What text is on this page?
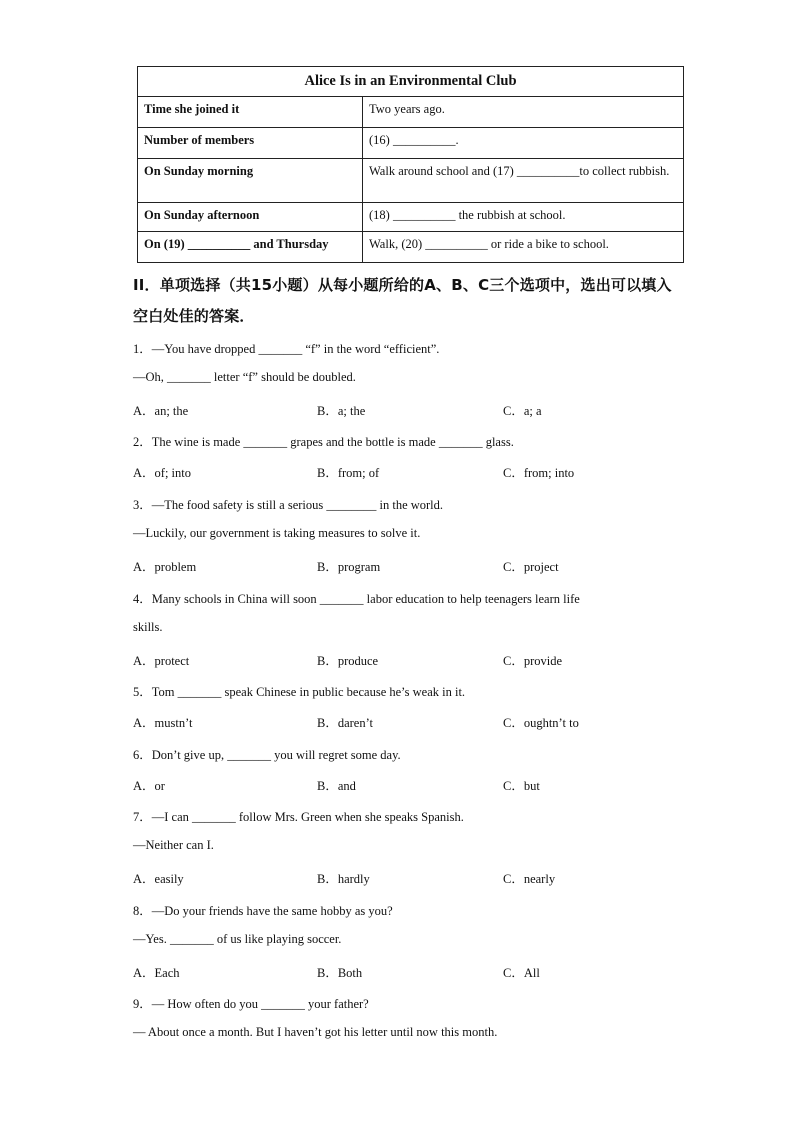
Alice Is in an Environmental Club	
Time she joined it	Two years ago.
Number of members	(16) __________.
On Sunday morning	Walk around school and (17) __________to collect rubbish.
On Sunday afternoon	(18) __________ the rubbish at school.
On (19) __________ and Thursday	Walk, (20) __________ or ride a bike to school.
II．单项选择（共15小题）从每小题所给的A、B、C三个选项中，选出可以填入空白处佳的答案．
1．—You have dropped _______ “f” in the word “efficient”.
—Oh, _______ letter “f” should be doubled.
A．an; the	B．a; the	C．a; a
2．The wine is made _______ grapes and the bottle is made _______ glass.
A．of; into	B．from; of	C．from; into
3．—The food safety is still a serious ________ in the world.
—Luckily, our government is taking measures to solve it.
A．problem	B．program	C．project
4．Many schools in China will soon _______ labor education to help teenagers learn life
skills.
A．protect	B．produce	C．provide
5．Tom _______ speak Chinese in public because he’s weak in it.
A．mustn’t	B．daren’t	C．oughtn’t to
6．Don’t give up, _______ you will regret some day.
A．or	B．and	C．but
7．—I can _______ follow Mrs. Green when she speaks Spanish.
—Neither can I.
A．easily	B．hardly	C．nearly
8．—Do your friends have the same hobby as you?
—Yes. _______ of us like playing soccer.
A．Each	B．Both	C．All
9．— How often do you _______ your father?
— About once a month. But I haven’t got his letter until now this month.
